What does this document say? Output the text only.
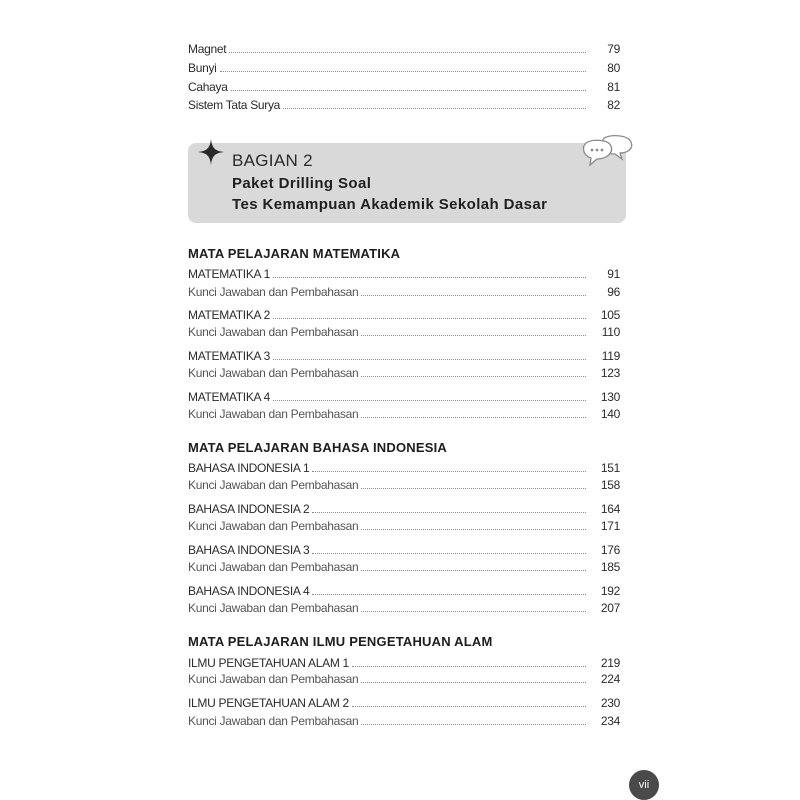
Magnet	79
Bunyi	80
Cahaya	81
Sistem Tata Surya	82
BAGIAN 2
Paket Drilling Soal
Tes Kemampuan Akademik Sekolah Dasar
MATA PELAJARAN MATEMATIKA
MATEMATIKA 1	91
Kunci Jawaban dan Pembahasan	96
MATEMATIKA 2	105
Kunci Jawaban dan Pembahasan	110
MATEMATIKA 3	119
Kunci Jawaban dan Pembahasan	123
MATEMATIKA 4	130
Kunci Jawaban dan Pembahasan	140
MATA PELAJARAN BAHASA INDONESIA
BAHASA INDONESIA 1	151
Kunci Jawaban dan Pembahasan	158
BAHASA INDONESIA 2	164
Kunci Jawaban dan Pembahasan	171
BAHASA INDONESIA 3	176
Kunci Jawaban dan Pembahasan	185
BAHASA INDONESIA 4	192
Kunci Jawaban dan Pembahasan	207
MATA PELAJARAN ILMU PENGETAHUAN ALAM
ILMU PENGETAHUAN ALAM 1	219
Kunci Jawaban dan Pembahasan	224
ILMU PENGETAHUAN ALAM 2	230
Kunci Jawaban dan Pembahasan	234
vii
